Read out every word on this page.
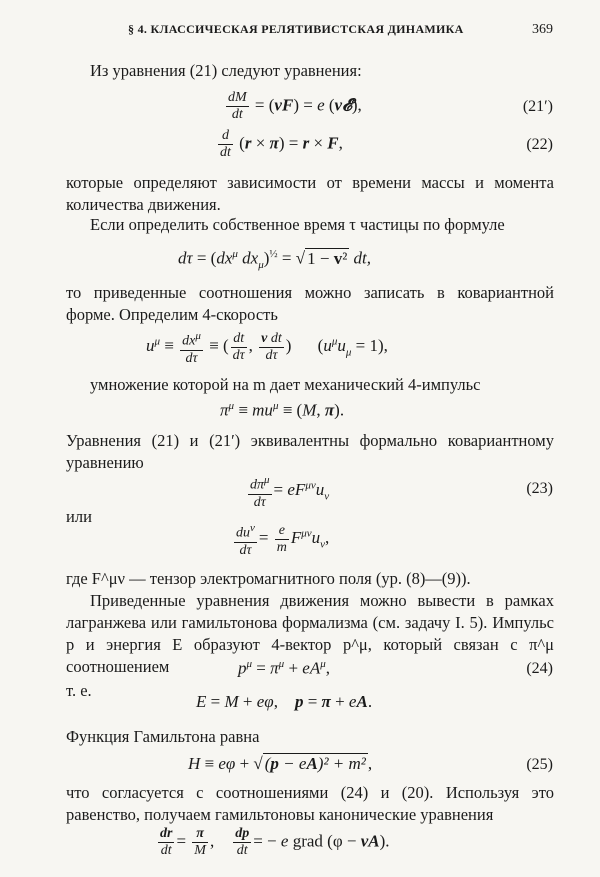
§ 4. КЛАССИЧЕСКАЯ РЕЛЯТИВИСТСКАЯ ДИНАМИКА	369
Из уравнения (21) следуют уравнения:
$\frac{dM}{dt} = (vF) = e$ (v𝓔),	(21′)
$\frac{d}{dt} (r \times \pi) = r \times F$,	(22)
которые определяют зависимости от времени массы и момента количества движения.
Если определить собственное время τ частицы по формуле
$d\tau = (dx^\mu$ $dx_\mu)^{\frac{1}{2}}$ = √ 1 − v² dt,
то приведенные соотношения можно записать в ковариантной форме. Определим 4-скорость
$u^\mu \equiv \frac{dx^\mu}{d\tau}$ ≡ ( $\frac{dt}{d\tau}$ , $\frac{\text{v dt}}{d\tau}$ ) $(u^\mu u_\mu = 1)$,
умножение которой на m дает механический 4-импульс
$\pi^\mu \equiv mu^\mu \equiv (M$, π).
Уравнения (21) и (21′) эквивалентны формально ковариантному уравнению
$\frac{d\pi^\mu}{d\tau} = eF^{\mu\nu}u_\nu$	(23)
или
$\frac{du^\nu}{d\tau} = \frac{e}{m} F^{\mu\nu}u_\nu$,
где F^μν — тензор электромагнитного поля (ур. (8)—(9)).
Приведенные уравнения движения можно вывести в рамках лагранжева или гамильтонова формализма (см. задачу I. 5). Импульс p и энергия E образуют 4-вектор p^μ, который связан с π^μ соотношением	$p^\mu = \pi^\mu + eA^\mu$,	(24)
т. е.
E = M + eφ,    p = π + eA.
Функция Гамильтона равна
H ≡ eφ + √ (p − eA)² + m² ,	(25)
что согласуется с соотношениями (24) и (20). Используя это равенство, получаем гамильтоновы канонические уравнения
$\frac{dr}{dt} = \frac{\pi}{M}$ , $\frac{dp}{dt}$ = − e grad (φ − vA).
